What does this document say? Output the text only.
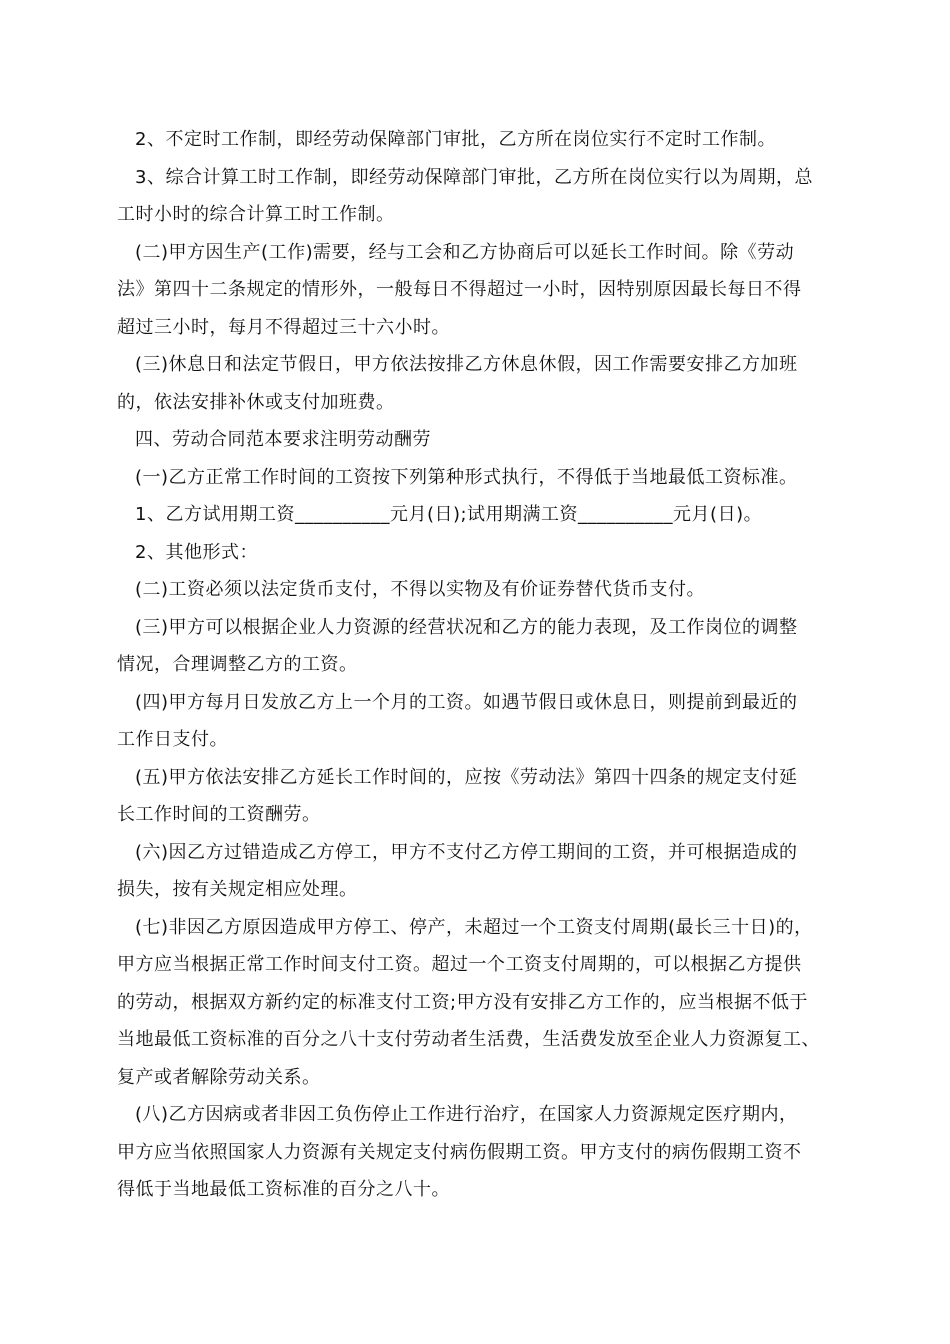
2、不定时工作制，即经劳动保障部门审批，乙方所在岗位实行不定时工作制。
3、综合计算工时工作制，即经劳动保障部门审批，乙方所在岗位实行以为周期，总
工时小时的综合计算工时工作制。
(二)甲方因生产(工作)需要，经与工会和乙方协商后可以延长工作时间。除《劳动
法》第四十二条规定的情形外，一般每日不得超过一小时，因特别原因最长每日不得
超过三小时，每月不得超过三十六小时。
(三)休息日和法定节假日，甲方依法按排乙方休息休假，因工作需要安排乙方加班
的，依法安排补休或支付加班费。
四、劳动合同范本要求注明劳动酬劳
(一)乙方正常工作时间的工资按下列第种形式执行，不得低于当地最低工资标准。
1、乙方试用期工资__________元月(日);试用期满工资__________元月(日)。
2、其他形式：
(二)工资必须以法定货币支付，不得以实物及有价证券替代货币支付。
(三)甲方可以根据企业人力资源的经营状况和乙方的能力表现，及工作岗位的调整
情况，合理调整乙方的工资。
(四)甲方每月日发放乙方上一个月的工资。如遇节假日或休息日，则提前到最近的
工作日支付。
(五)甲方依法安排乙方延长工作时间的，应按《劳动法》第四十四条的规定支付延
长工作时间的工资酬劳。
(六)因乙方过错造成乙方停工，甲方不支付乙方停工期间的工资，并可根据造成的
损失，按有关规定相应处理。
(七)非因乙方原因造成甲方停工、停产，未超过一个工资支付周期(最长三十日)的，
甲方应当根据正常工作时间支付工资。超过一个工资支付周期的，可以根据乙方提供
的劳动，根据双方新约定的标准支付工资;甲方没有安排乙方工作的，应当根据不低于
当地最低工资标准的百分之八十支付劳动者生活费，生活费发放至企业人力资源复工、
复产或者解除劳动关系。
(八)乙方因病或者非因工负伤停止工作进行治疗，在国家人力资源规定医疗期内，
甲方应当依照国家人力资源有关规定支付病伤假期工资。甲方支付的病伤假期工资不
得低于当地最低工资标准的百分之八十。
